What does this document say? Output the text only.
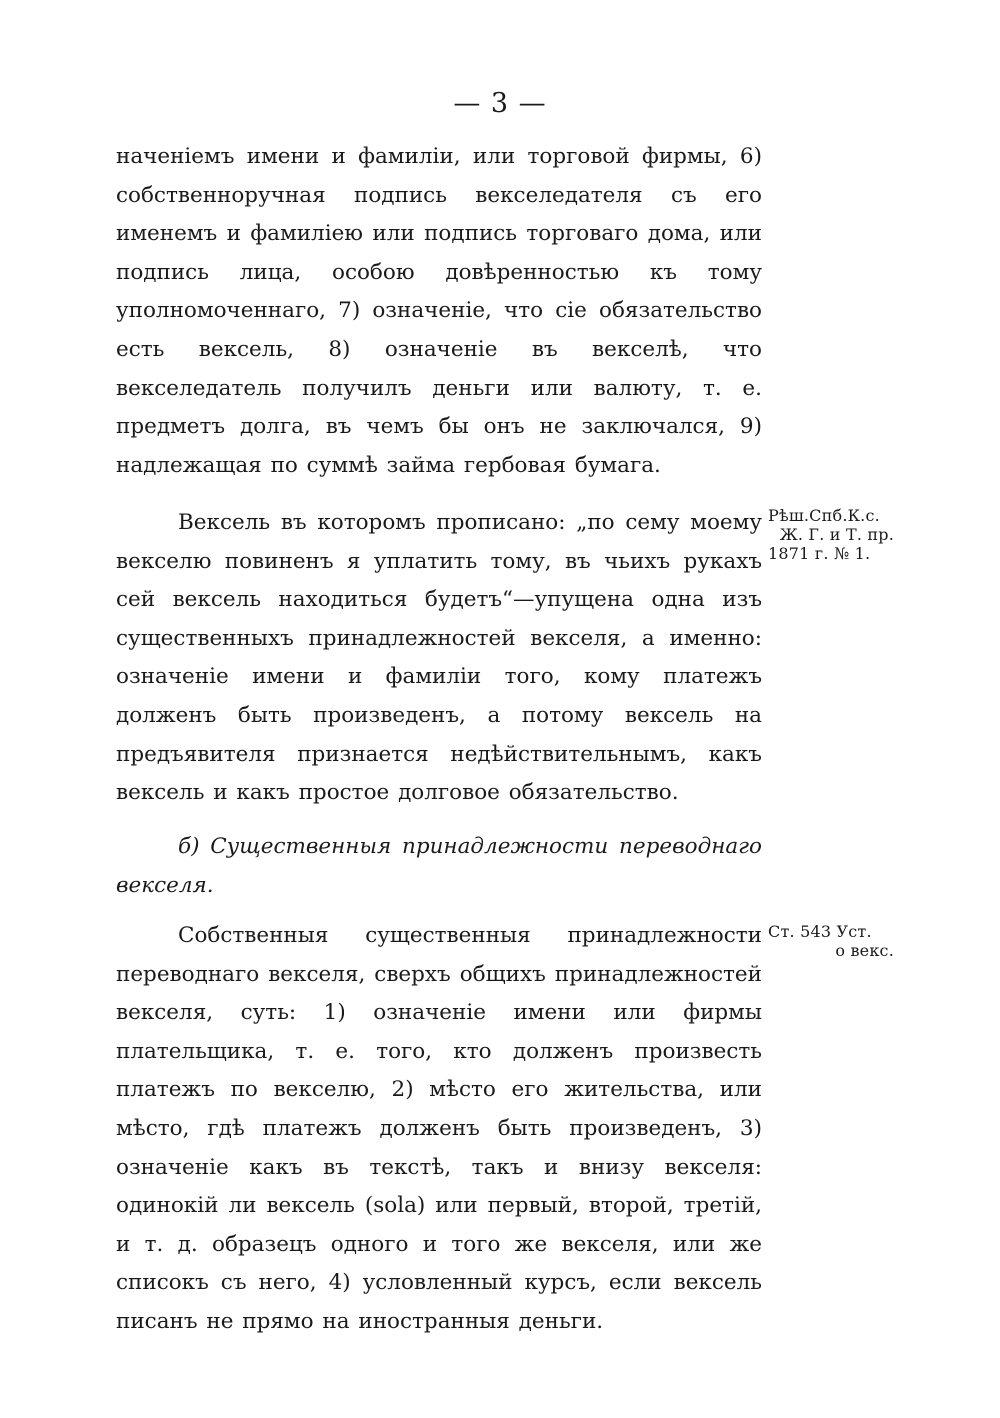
— 3 —

наченіемъ имени и фамиліи, или торговой фирмы, 6) собственноручная подпись векселедателя съ его именемъ и фамиліею или подпись торговаго дома, или подпись лица, особою довѣренностью къ тому уполномоченнаго, 7) означеніе, что сіе обязательство есть вексель, 8) означеніе въ векселѣ, что векселедатель получилъ деньги или валюту, т. е. предметъ долга, въ чемъ бы онъ не заключался, 9) надлежащая по суммѣ займа гербовая бумага.

Вексель въ которомъ прописано: „по сему моему векселю повиненъ я уплатить тому, въ чьихъ рукахъ сей вексель находиться будетъ“—упущена одна изъ существенныхъ принадлежностей векселя, а именно: означеніе имени и фамиліи того, кому платежъ долженъ быть произведенъ, а потому вексель на предъявителя признается недѣйствительнымъ, какъ вексель и какъ простое долговое обязательство.

б) Существенныя принадлежности переводнаго векселя.

Собственныя существенныя принадлежности переводнаго векселя, сверхъ общихъ принадлежностей векселя, суть: 1) означеніе имени или фирмы плательщика, т. е. того, кто долженъ произвесть платежъ по векселю, 2) мѣсто его жительства, или мѣсто, гдѣ платежъ долженъ быть произведенъ, 3) означеніе какъ въ текстѣ, такъ и внизу векселя: одинокій ли вексель (sola) или первый, второй, третій, и т. д. образецъ одного и того же векселя, или же списокъ съ него, 4) условленный курсъ, если вексель писанъ не прямо на иностранныя деньги.

Рѣш.Спб.К.с.
Ж. Г. и Т. пр.
1871 г. № 1.
Ст. 543 Уст.
о векс.
